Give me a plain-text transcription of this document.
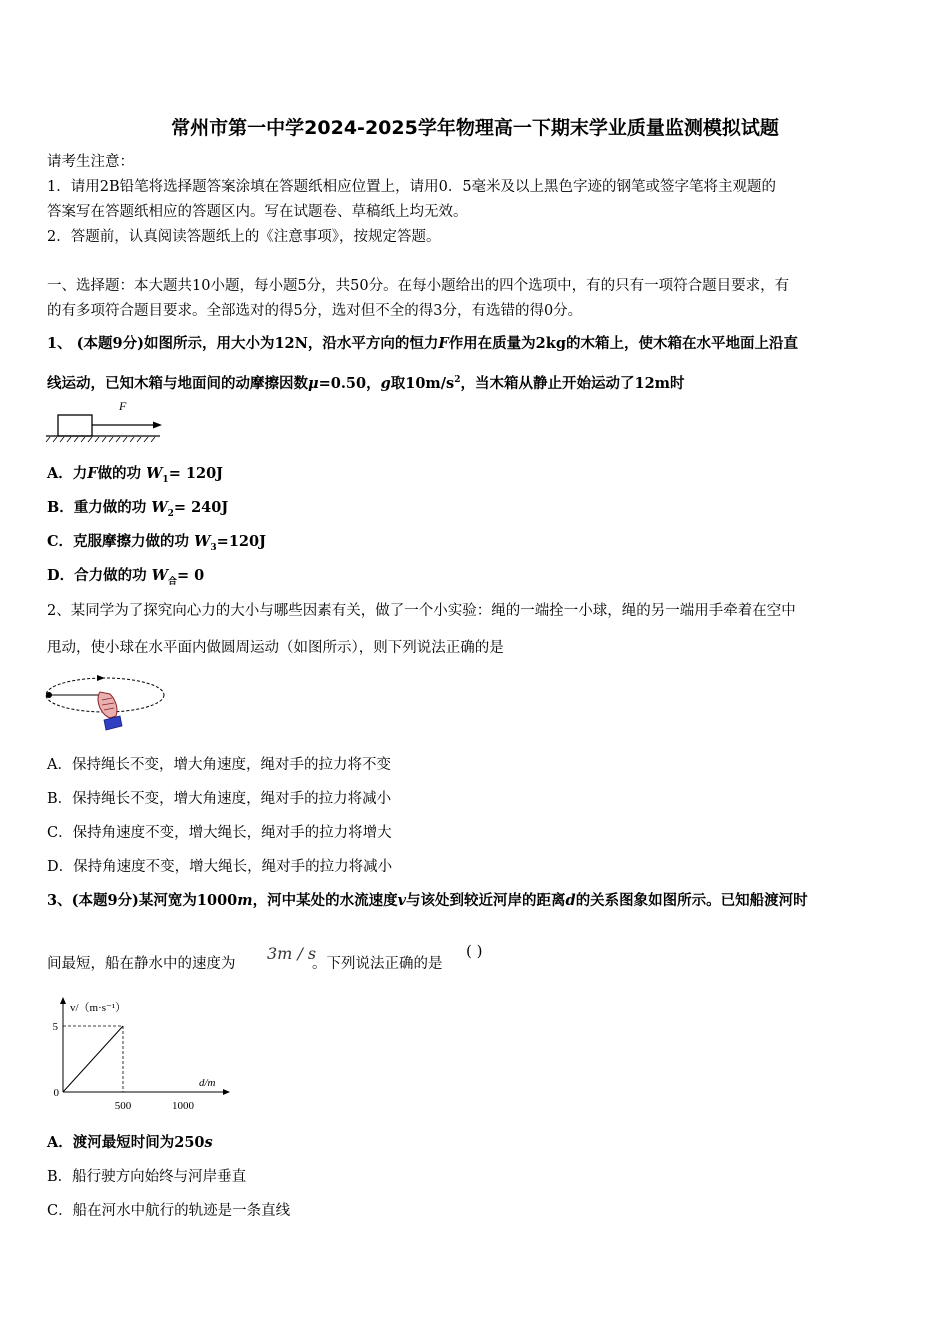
常州市第一中学2024-2025学年物理高一下期末学业质量监测模拟试题
请考生注意：
1．请用2B铅笔将选择题答案涂填在答题纸相应位置上，请用0．5毫米及以上黑色字迹的钢笔或签字笔将主观题的
答案写在答题纸相应的答题区内。写在试题卷、草稿纸上均无效。
2．答题前，认真阅读答题纸上的《注意事项》，按规定答题。
一、选择题：本大题共10小题，每小题5分，共50分。在每小题给出的四个选项中，有的只有一项符合题目要求，有
的有多项符合题目要求。全部选对的得5分，选对但不全的得3分，有选错的得0分。
1、 (本题9分)如图所示，用大小为12N，沿水平方向的恒力F作用在质量为2kg的木箱上，使木箱在水平地面上沿直
线运动，已知木箱与地面间的动摩擦因数μ=0.50，g取$10m/s^2$，当木箱从静止开始运动了12m时
F
A．力F做的功 $W_1= 120J$
B．重力做的功 $W_2= 240J$
C．克服摩擦力做的功 $W_3=120J$
D．合力做的功 $W_合= 0$
2、某同学为了探究向心力的大小与哪些因素有关，做了一个小实验：绳的一端拴一小球，绳的另一端用手牵着在空中
甩动，使小球在水平面内做圆周运动（如图所示），则下列说法正确的是
A．保持绳长不变，增大角速度，绳对手的拉力将不变
B．保持绳长不变，增大角速度，绳对手的拉力将减小
C．保持角速度不变，增大绳长，绳对手的拉力将增大
D．保持角速度不变，增大绳长，绳对手的拉力将减小
3、(本题9分)某河宽为1000m，河中某处的水流速度v与该处到较近河岸的距离d的关系图象如图所示。已知船渡河时
间最短，船在静水中的速度为
3m / s
。下列说法正确的是
( )
v/（m·s⁻¹）
d/m
5
0
500	1000
A．渡河最短时间为250s
B．船行驶方向始终与河岸垂直
C．船在河水中航行的轨迹是一条直线
